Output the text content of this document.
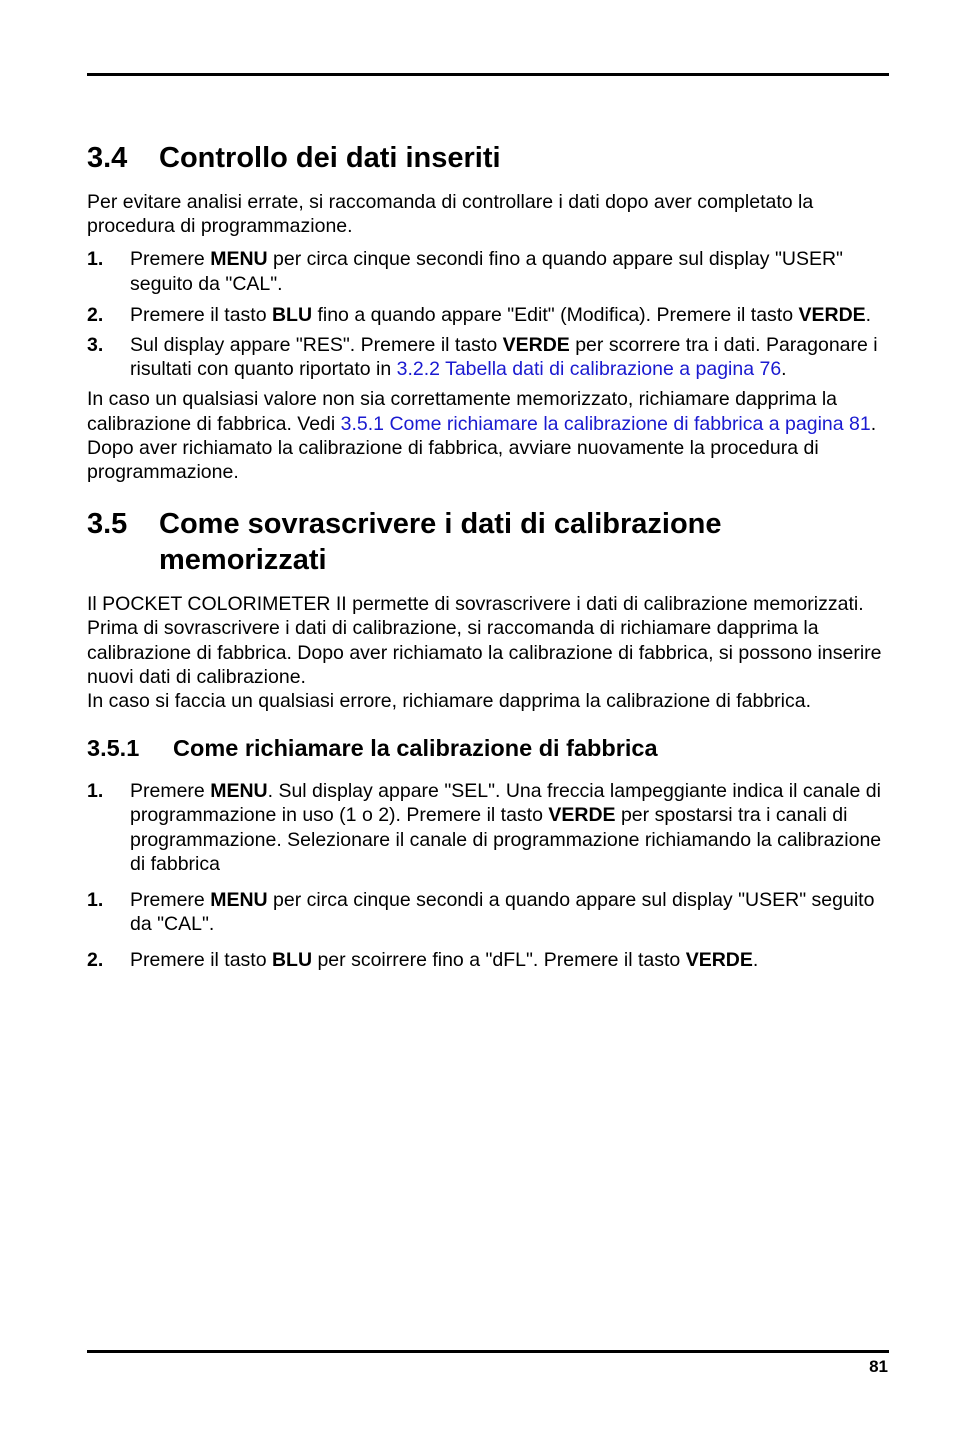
3.4	Controllo dei dati inseriti

Per evitare analisi errate, si raccomanda di controllare i dati dopo aver completato la procedura di programmazione.

1.	Premere MENU per circa cinque secondi fino a quando appare sul display "USER" seguito da "CAL".
2.	Premere il tasto BLU fino a quando appare "Edit" (Modifica). Premere il tasto VERDE.
3.	Sul display appare "RES". Premere il tasto VERDE per scorrere tra i dati. Paragonare i risultati con quanto riportato in 3.2.2 Tabella dati di calibrazione a pagina 76.

In caso un qualsiasi valore non sia correttamente memorizzato, richiamare dapprima la calibrazione di fabbrica. Vedi 3.5.1 Come richiamare la calibrazione di fabbrica a pagina 81. Dopo aver richiamato la calibrazione di fabbrica, avviare nuovamente la procedura di programmazione.

3.5	Come sovrascrivere i dati di calibrazione memorizzati

Il POCKET COLORIMETER II permette di sovrascrivere i dati di calibrazione memorizzati. Prima di sovrascrivere i dati di calibrazione, si raccomanda di richiamare dapprima la calibrazione di fabbrica. Dopo aver richiamato la calibrazione di fabbrica, si possono inserire nuovi dati di calibrazione.

In caso si faccia un qualsiasi errore, richiamare dapprima la calibrazione di fabbrica.

3.5.1	Come richiamare la calibrazione di fabbrica
1.	Premere MENU. Sul display appare "SEL". Una freccia lampeggiante indica il canale di programmazione in uso (1 o 2). Premere il tasto VERDE per spostarsi tra i canali di programmazione. Selezionare il canale di programmazione richiamando la calibrazione di fabbrica
1.	Premere MENU per circa cinque secondi a quando appare sul display "USER" seguito da "CAL".
2.	Premere il tasto BLU per scoirrere fino a "dFL". Premere il tasto VERDE.
81
